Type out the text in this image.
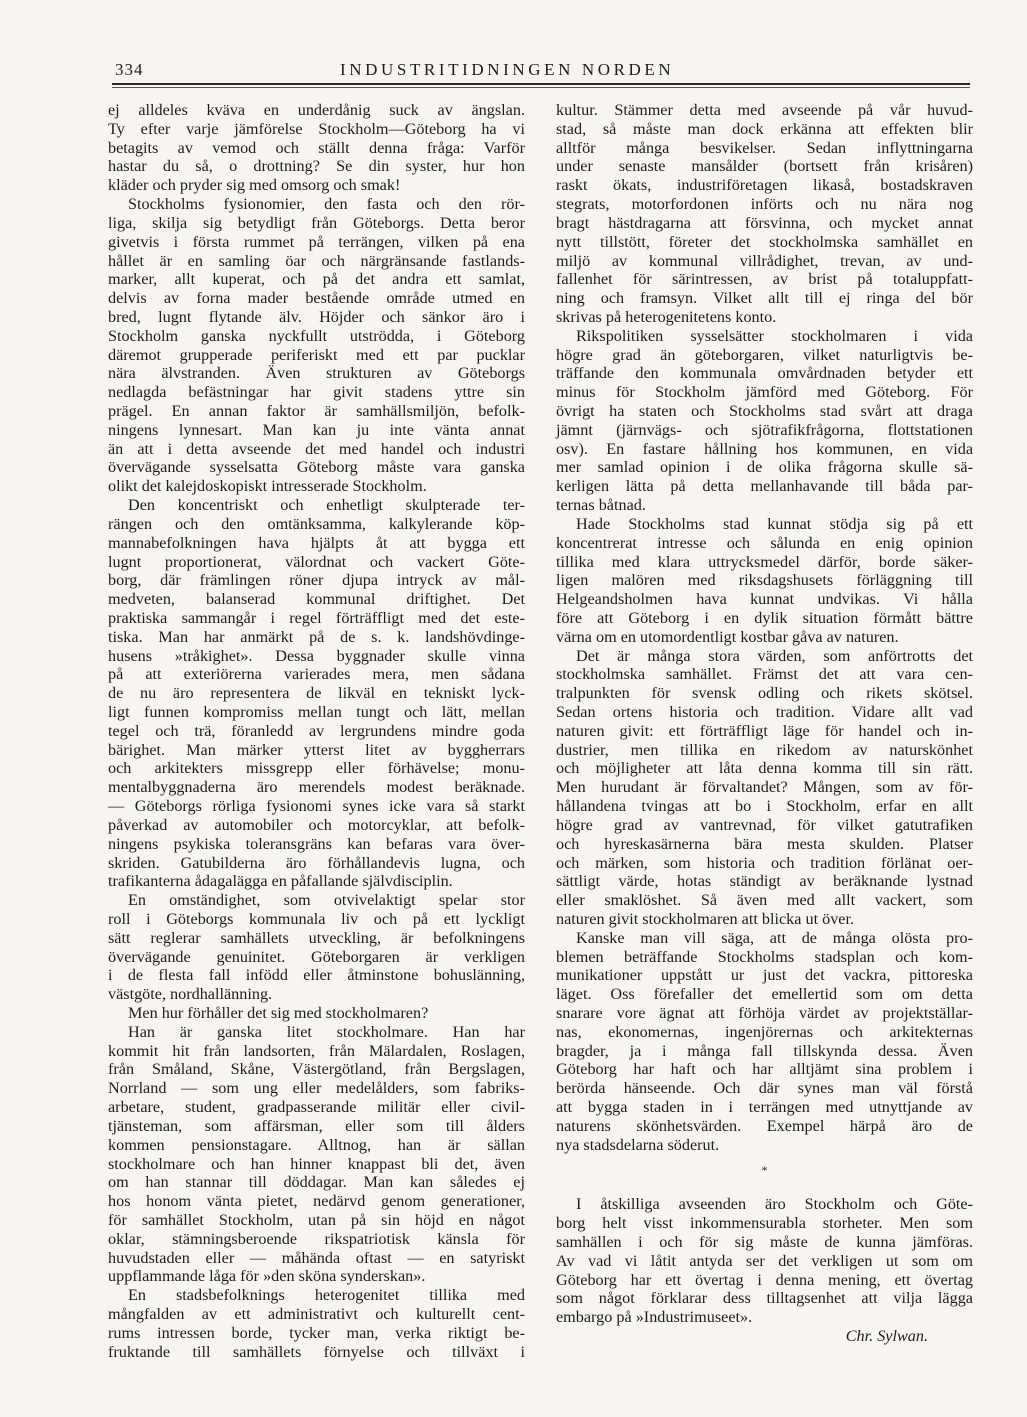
334	INDUSTRITIDNINGEN NORDEN

ej alldeles kväva en underdånig suck av ängslan.

Ty efter varje jämförelse Stockholm—Göteborg ha vi

betagits av vemod och ställt denna fråga: Varför

hastar du så, o drottning? Se din syster, hur hon

kläder och pryder sig med omsorg och smak!

Stockholms fysionomier, den fasta och den rör-

liga, skilja sig betydligt från Göteborgs. Detta beror

givetvis i första rummet på terrängen, vilken på ena

hållet är en samling öar och närgränsande fastlands-

marker, allt kuperat, och på det andra ett samlat,

delvis av forna mader bestående område utmed en

bred, lugnt flytande älv. Höjder och sänkor äro i

Stockholm ganska nyckfullt utströdda, i Göteborg

däremot grupperade periferiskt med ett par pucklar

nära älvstranden. Även strukturen av Göteborgs

nedlagda befästningar har givit stadens yttre sin

prägel. En annan faktor är samhällsmiljön, befolk-

ningens lynnesart. Man kan ju inte vänta annat

än att i detta avseende det med handel och industri

övervägande sysselsatta Göteborg måste vara ganska

olikt det kalejdoskopiskt intresserade Stockholm.

Den koncentriskt och enhetligt skulpterade ter-

rängen och den omtänksamma, kalkylerande köp-

mannabefolkningen hava hjälpts åt att bygga ett

lugnt proportionerat, välordnat och vackert Göte-

borg, där främlingen röner djupa intryck av mål-

medveten, balanserad kommunal driftighet. Det

praktiska sammangår i regel förträffligt med det este-

tiska. Man har anmärkt på de s. k. landshövdinge-

husens »tråkighet». Dessa byggnader skulle vinna

på att exteriörerna varierades mera, men sådana

de nu äro representera de likväl en tekniskt lyck-

ligt funnen kompromiss mellan tungt och lätt, mellan

tegel och trä, föranledd av lergrundens mindre goda

bärighet. Man märker ytterst litet av byggherrars

och arkitekters missgrepp eller förhävelse; monu-

mentalbyggnaderna äro merendels modest beräknade.

— Göteborgs rörliga fysionomi synes icke vara så starkt

påverkad av automobiler och motorcyklar, att befolk-

ningens psykiska toleransgräns kan befaras vara över-

skriden. Gatubilderna äro förhållandevis lugna, och

trafikanterna ådagalägga en påfallande självdisciplin.

En omständighet, som otvivelaktigt spelar stor

roll i Göteborgs kommunala liv och på ett lyckligt

sätt reglerar samhällets utveckling, är befolkningens

övervägande genuinitet. Göteborgaren är verkligen

i de flesta fall infödd eller åtminstone bohuslänning,

västgöte, nordhallänning.

Men hur förhåller det sig med stockholmaren?

Han är ganska litet stockholmare. Han har

kommit hit från landsorten, från Mälardalen, Roslagen,

från Småland, Skåne, Västergötland, från Bergslagen,

Norrland — som ung eller medelålders, som fabriks-

arbetare, student, gradpasserande militär eller civil-

tjänsteman, som affärsman, eller som till ålders

kommen pensionstagare. Alltnog, han är sällan

stockholmare och han hinner knappast bli det, även

om han stannar till döddagar. Man kan således ej

hos honom vänta pietet, nedärvd genom generationer,

för samhället Stockholm, utan på sin höjd en något

oklar, stämningsberoende rikspatriotisk känsla för

huvudstaden eller — måhända oftast — en satyriskt

uppflammande låga för »den sköna synderskan».

En stadsbefolknings heterogenitet tillika med

mångfalden av ett administrativt och kulturellt cent-

rums intressen borde, tycker man, verka riktigt be-

fruktande till samhällets förnyelse och tillväxt i

kultur. Stämmer detta med avseende på vår huvud-

stad, så måste man dock erkänna att effekten blir

alltför många besvikelser. Sedan inflyttningarna

under senaste mansålder (bortsett från krisåren)

raskt ökats, industriföretagen likaså, bostadskraven

stegrats, motorfordonen införts och nu nära nog

bragt hästdragarna att försvinna, och mycket annat

nytt tillstött, företer det stockholmska samhället en

miljö av kommunal villrådighet, trevan, av und-

fallenhet för särintressen, av brist på totaluppfatt-

ning och framsyn. Vilket allt till ej ringa del bör

skrivas på heterogenitetens konto.

Rikspolitiken sysselsätter stockholmaren i vida

högre grad än göteborgaren, vilket naturligtvis be-

träffande den kommunala omvårdnaden betyder ett

minus för Stockholm jämförd med Göteborg. För

övrigt ha staten och Stockholms stad svårt att draga

jämnt (järnvägs- och sjötrafikfrågorna, flottstationen

osv). En fastare hållning hos kommunen, en vida

mer samlad opinion i de olika frågorna skulle sä-

kerligen lätta på detta mellanhavande till båda par-

ternas båtnad.

Hade Stockholms stad kunnat stödja sig på ett

koncentrerat intresse och sålunda en enig opinion

tillika med klara uttrycksmedel därför, borde säker-

ligen malören med riksdagshusets förläggning till

Helgeandsholmen hava kunnat undvikas. Vi hålla

före att Göteborg i en dylik situation förmått bättre

värna om en utomordentligt kostbar gåva av naturen.

Det är många stora värden, som anförtrotts det

stockholmska samhället. Främst det att vara cen-

tralpunkten för svensk odling och rikets skötsel.

Sedan ortens historia och tradition. Vidare allt vad

naturen givit: ett förträffligt läge för handel och in-

dustrier, men tillika en rikedom av naturskönhet

och möjligheter att låta denna komma till sin rätt.

Men hurudant är förvaltandet? Mången, som av för-

hållandena tvingas att bo i Stockholm, erfar en allt

högre grad av vantrevnad, för vilket gatutrafiken

och hyreskasärnerna bära mesta skulden. Platser

och märken, som historia och tradition förlänat oer-

sättligt värde, hotas ständigt av beräknande lystnad

eller smaklöshet. Så även med allt vackert, som

naturen givit stockholmaren att blicka ut över.

Kanske man vill säga, att de många olösta pro-

blemen beträffande Stockholms stadsplan och kom-

munikationer uppstått ur just det vackra, pittoreska

läget. Oss förefaller det emellertid som om detta

snarare vore ägnat att förhöja värdet av projektställar-

nas, ekonomernas, ingenjörernas och arkitekternas

bragder, ja i många fall tillskynda dessa. Även

Göteborg har haft och har alltjämt sina problem i

berörda hänseende. Och där synes man väl förstå

att bygga staden in i terrängen med utnyttjande av

naturens skönhetsvärden. Exempel härpå äro de

nya stadsdelarna söderut.

*

I åtskilliga avseenden äro Stockholm och Göte-

borg helt visst inkommensurabla storheter. Men som

samhällen i och för sig måste de kunna jämföras.

Av vad vi låtit antyda ser det verkligen ut som om

Göteborg har ett övertag i denna mening, ett övertag

som något förklarar dess tilltagsenhet att vilja lägga

embargo på »Industrimuseet».

Chr. Sylwan.
